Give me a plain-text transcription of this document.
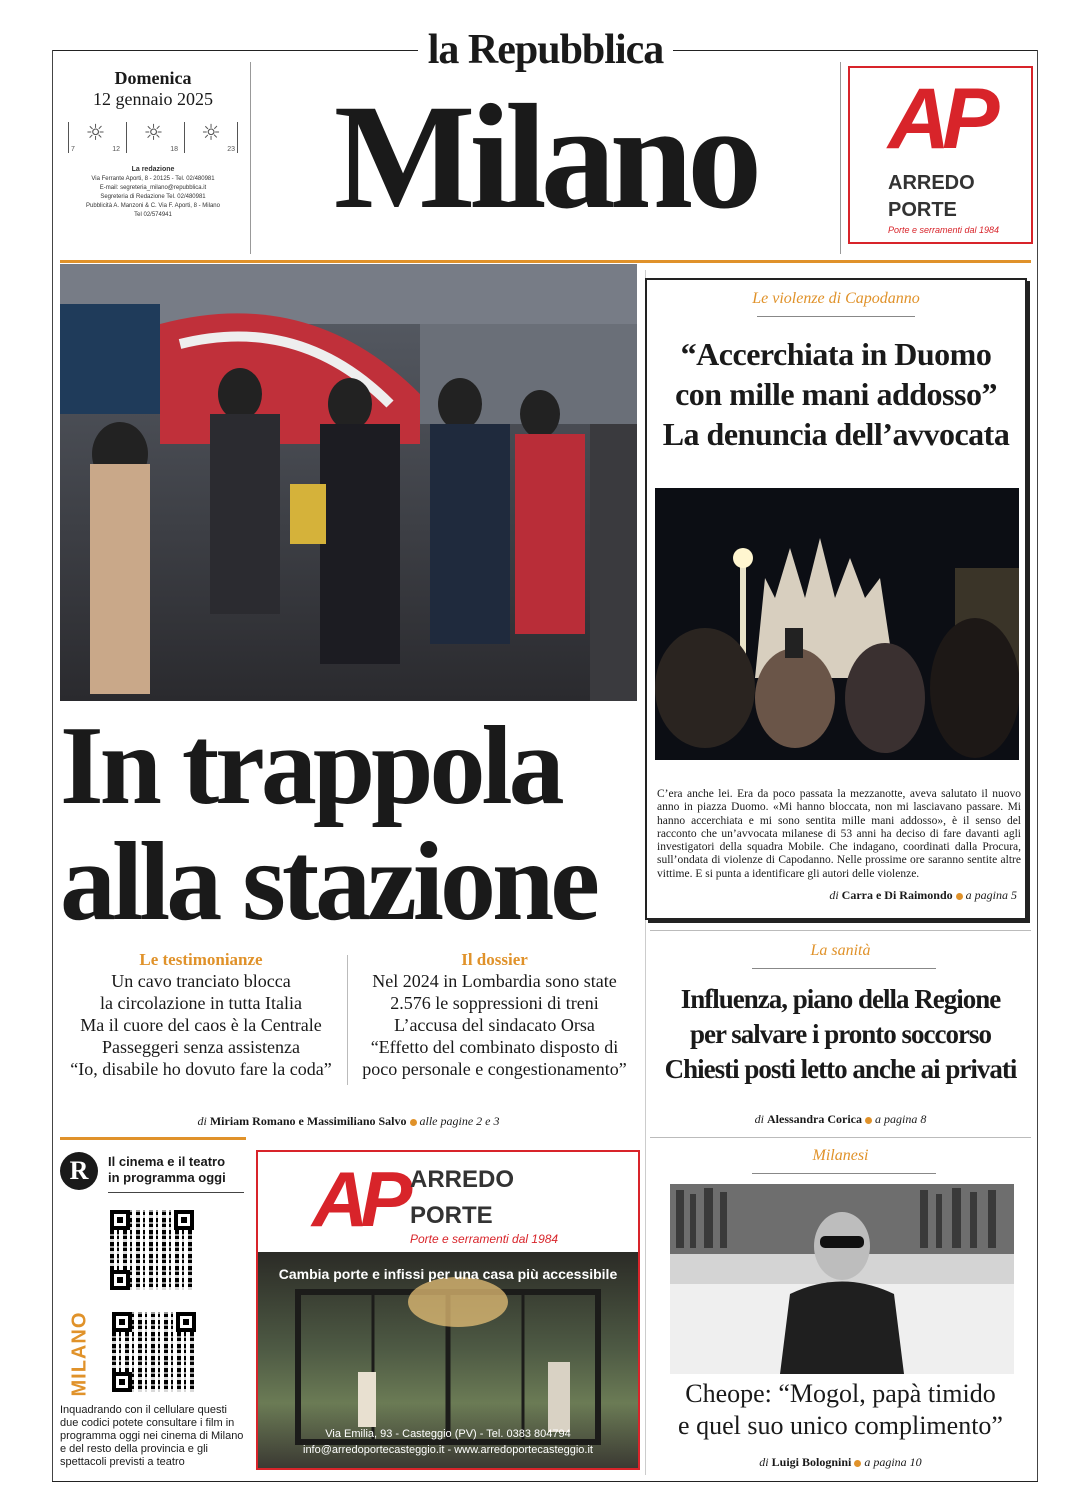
la Repubblica
Milano
Domenica
12 gennaio 2025
☼
7	12
☼
18
☼
23
La redazione
Via Ferrante Aporti, 8 - 20125 - Tel. 02/480981
E-mail: segreteria_milano@repubblica.it
Segreteria di Redazione Tel. 02/480981
Pubblicità A. Manzoni & C. Via F. Aporti, 8 - Milano
Tel 02/574941
AP
ARREDO
PORTE
Porte e serramenti dal 1984
In trappola
alla stazione
Le testimonianze
Un cavo tranciato blocca
la circolazione in tutta Italia
Ma il cuore del caos è la Centrale
Passeggeri senza assistenza
“Io, disabile ho dovuto fare la coda”
Il dossier
Nel 2024 in Lombardia sono state
2.576 le soppressioni di treni
L’accusa del sindacato Orsa
“Effetto del combinato disposto di
poco personale e congestionamento”
di Miriam Romano e Massimiliano Salvo alle pagine 2 e 3
Le violenze di Capodanno
“Accerchiata in Duomo
con mille mani addosso”
La denuncia dell’avvocata
C’era anche lei. Era da poco passata la mezzanotte, aveva salutato il nuovo anno in piazza Duomo. «Mi hanno bloccata, non mi lasciavano passare. Mi hanno accerchiata e mi sono sentita mille mani addosso», è il senso del racconto che un’avvocata milanese di 53 anni ha deciso di fare davanti agli investigatori della squadra Mobile. Che indagano, coordinati dalla Procura, sull’ondata di violenze di Capodanno. Nelle prossime ore saranno sentite altre vittime. E si punta a identificare gli autori delle violenze.
di Carra e Di Raimondo a pagina 5
La sanità
Influenza, piano della Regione
per salvare i pronto soccorso
Chiesti posti letto anche ai privati
di Alessandra Corica a pagina 8
R	Il cinema e il teatro
in programma oggi
MILANO
Inquadrando con il cellulare questi due codici potete consultare i film in programma oggi nei cinema di Milano e del resto della provincia e gli spettacoli previsti a teatro
AP ARREDO
PORTE
Porte e serramenti dal 1984
Cambia porte e infissi per una casa più accessibile
Via Emilia, 93 - Casteggio (PV) - Tel. 0383 804794
info@arredoportecasteggio.it - www.arredoportecasteggio.it
Milanesi
Cheope: “Mogol, papà timido
e quel suo unico complimento”
di Luigi Bolognini a pagina 10
